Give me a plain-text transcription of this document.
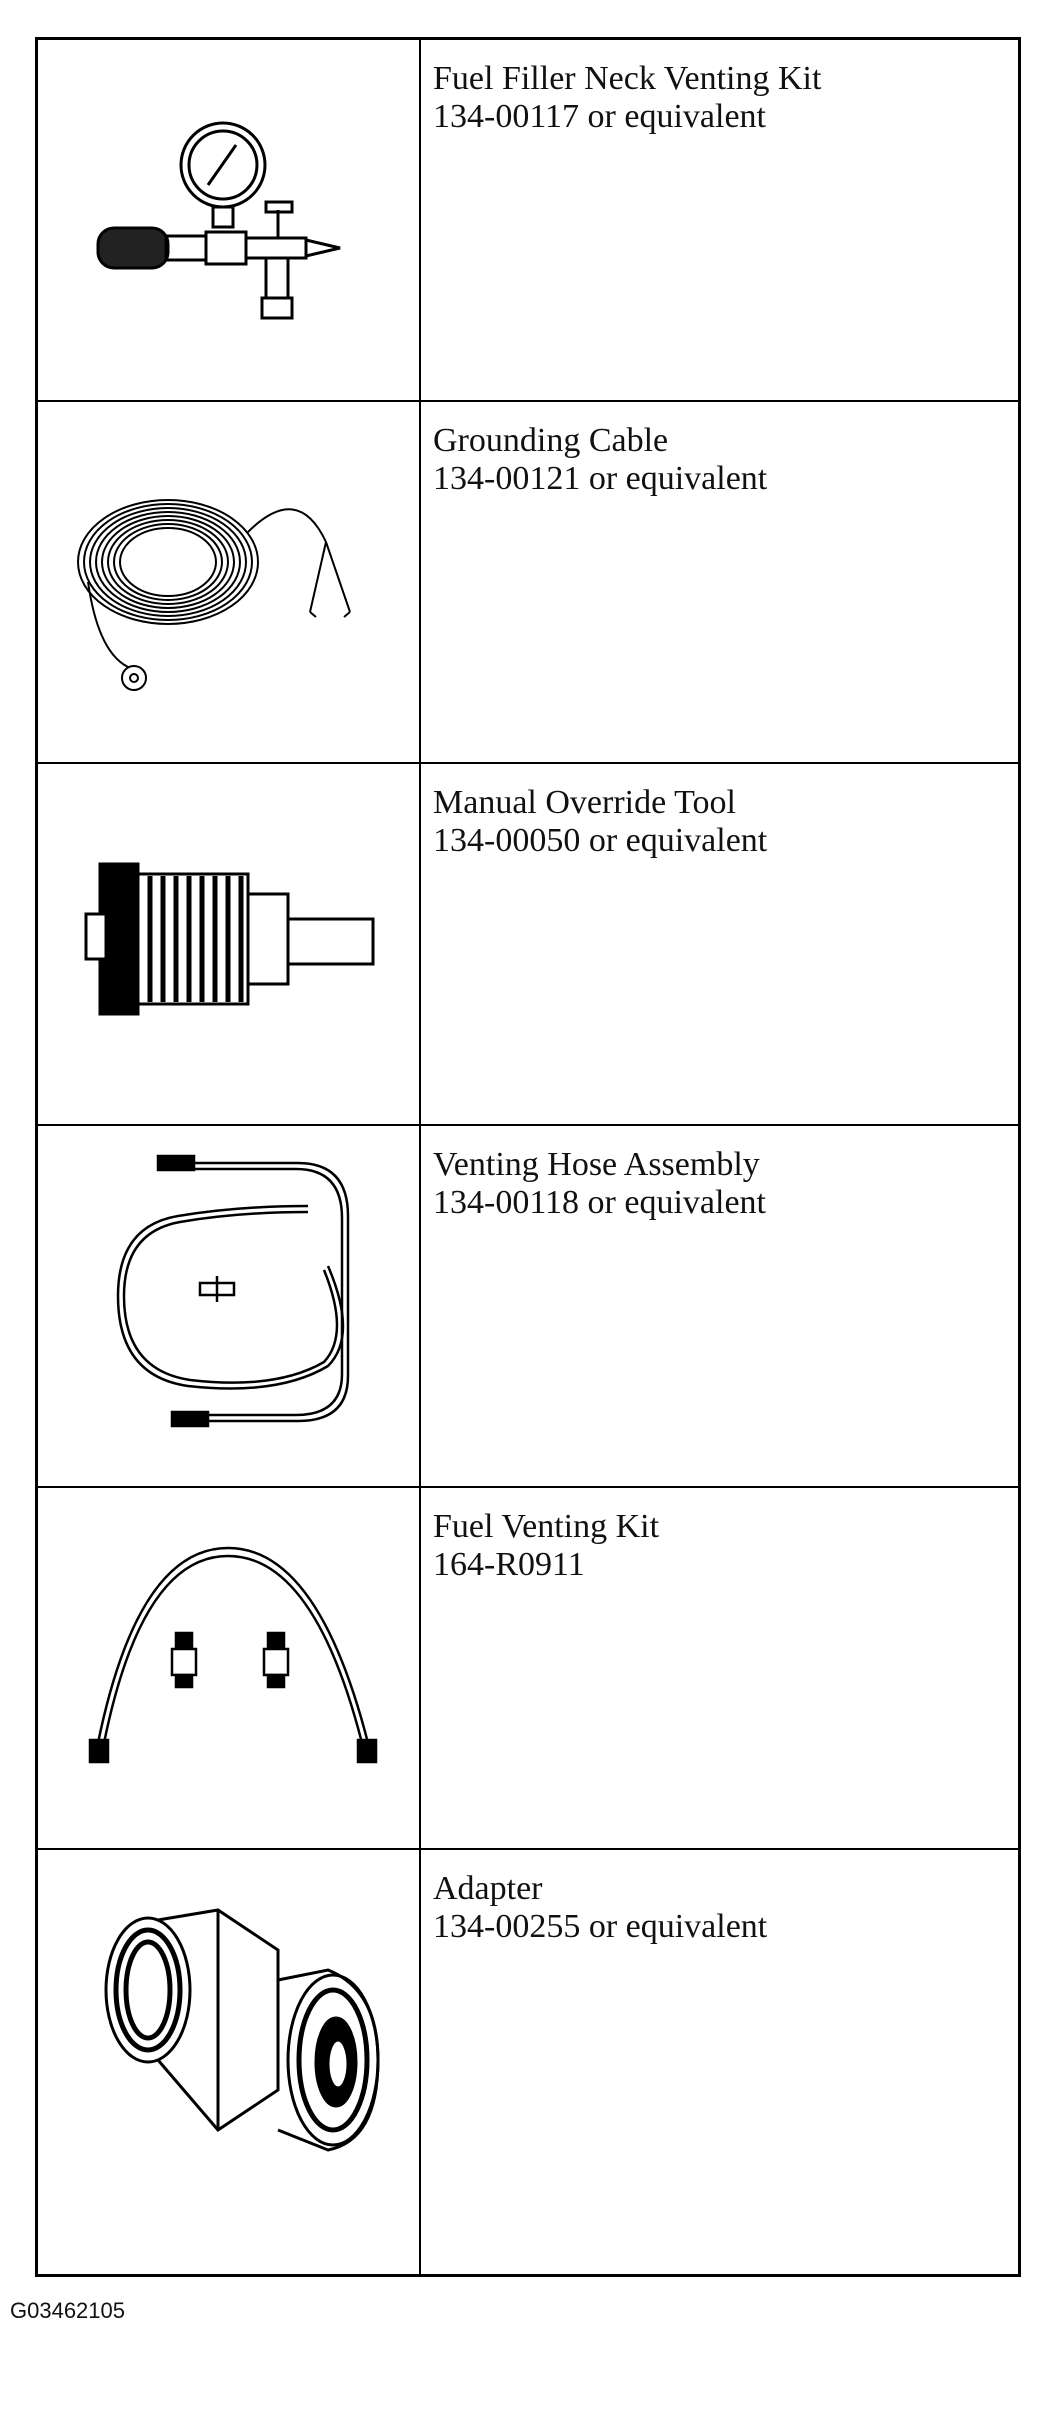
Fuel Filler Neck Venting Kit
134-00117 or equivalent
Grounding Cable
134-00121 or equivalent
Manual Override Tool
134-00050 or equivalent
Venting Hose Assembly
134-00118 or equivalent
Fuel Venting Kit
164-R0911
Adapter
134-00255 or equivalent
G03462105
